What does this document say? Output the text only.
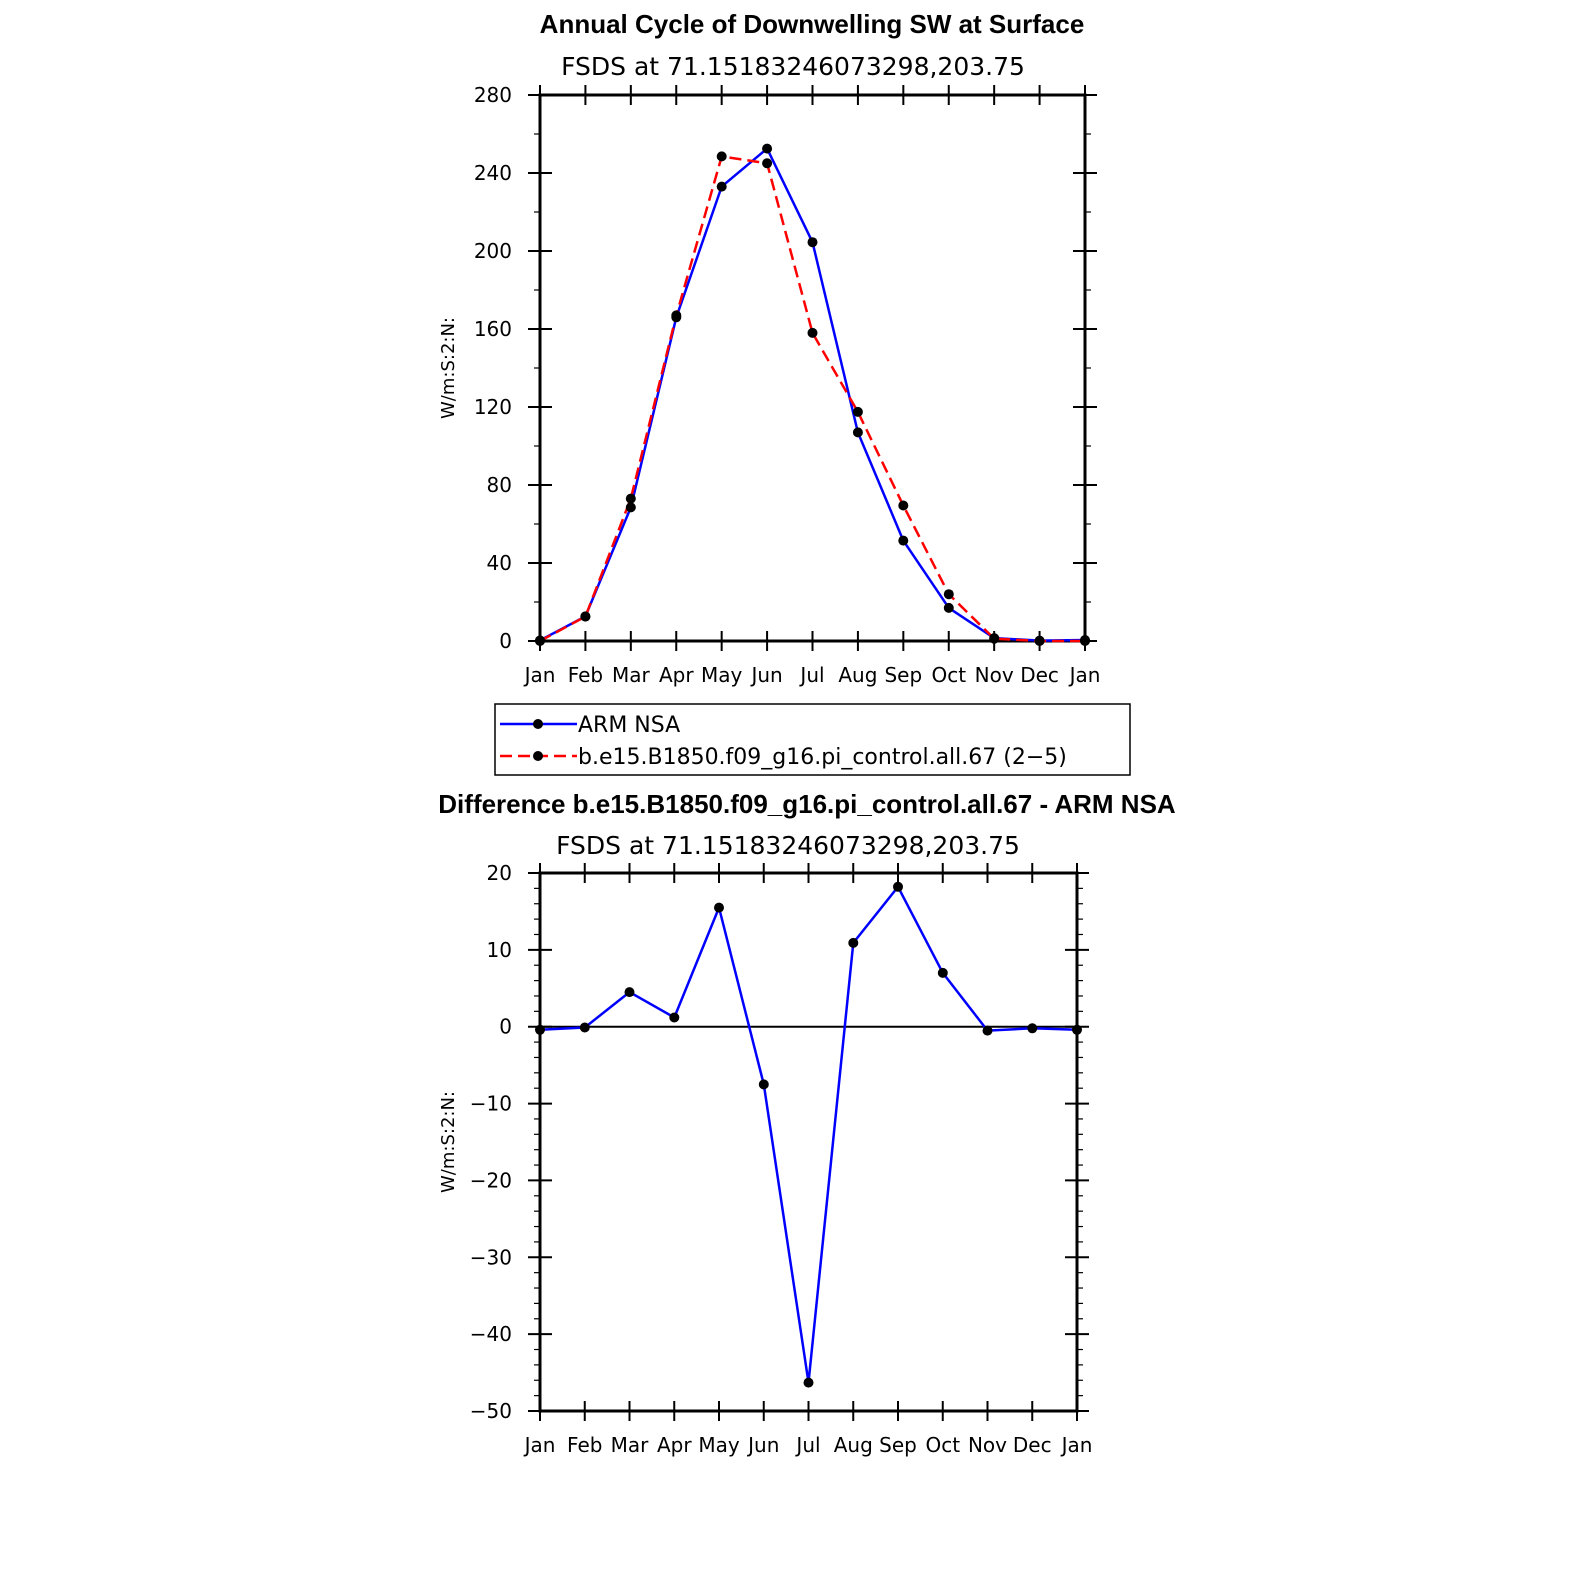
Annual Cycle of Downwelling SW at Surface
FSDS at 71.15183246073298,203.75
W/m:S:2:N:
0
40
80
120
160
200
240
280
Jan Feb Mar Apr May Jun Jul Aug Sep Oct Nov Dec Jan
ARM NSA
b.e15.B1850.f09_g16.pi_control.all.67 (2−5)
Difference b.e15.B1850.f09_g16.pi_control.all.67 - ARM NSA
FSDS at 71.15183246073298,203.75
W/m:S:2:N:
−50
−40
−30
−20
−10
0
10
20
Jan Feb Mar Apr May Jun Jul Aug Sep Oct Nov Dec Jan
